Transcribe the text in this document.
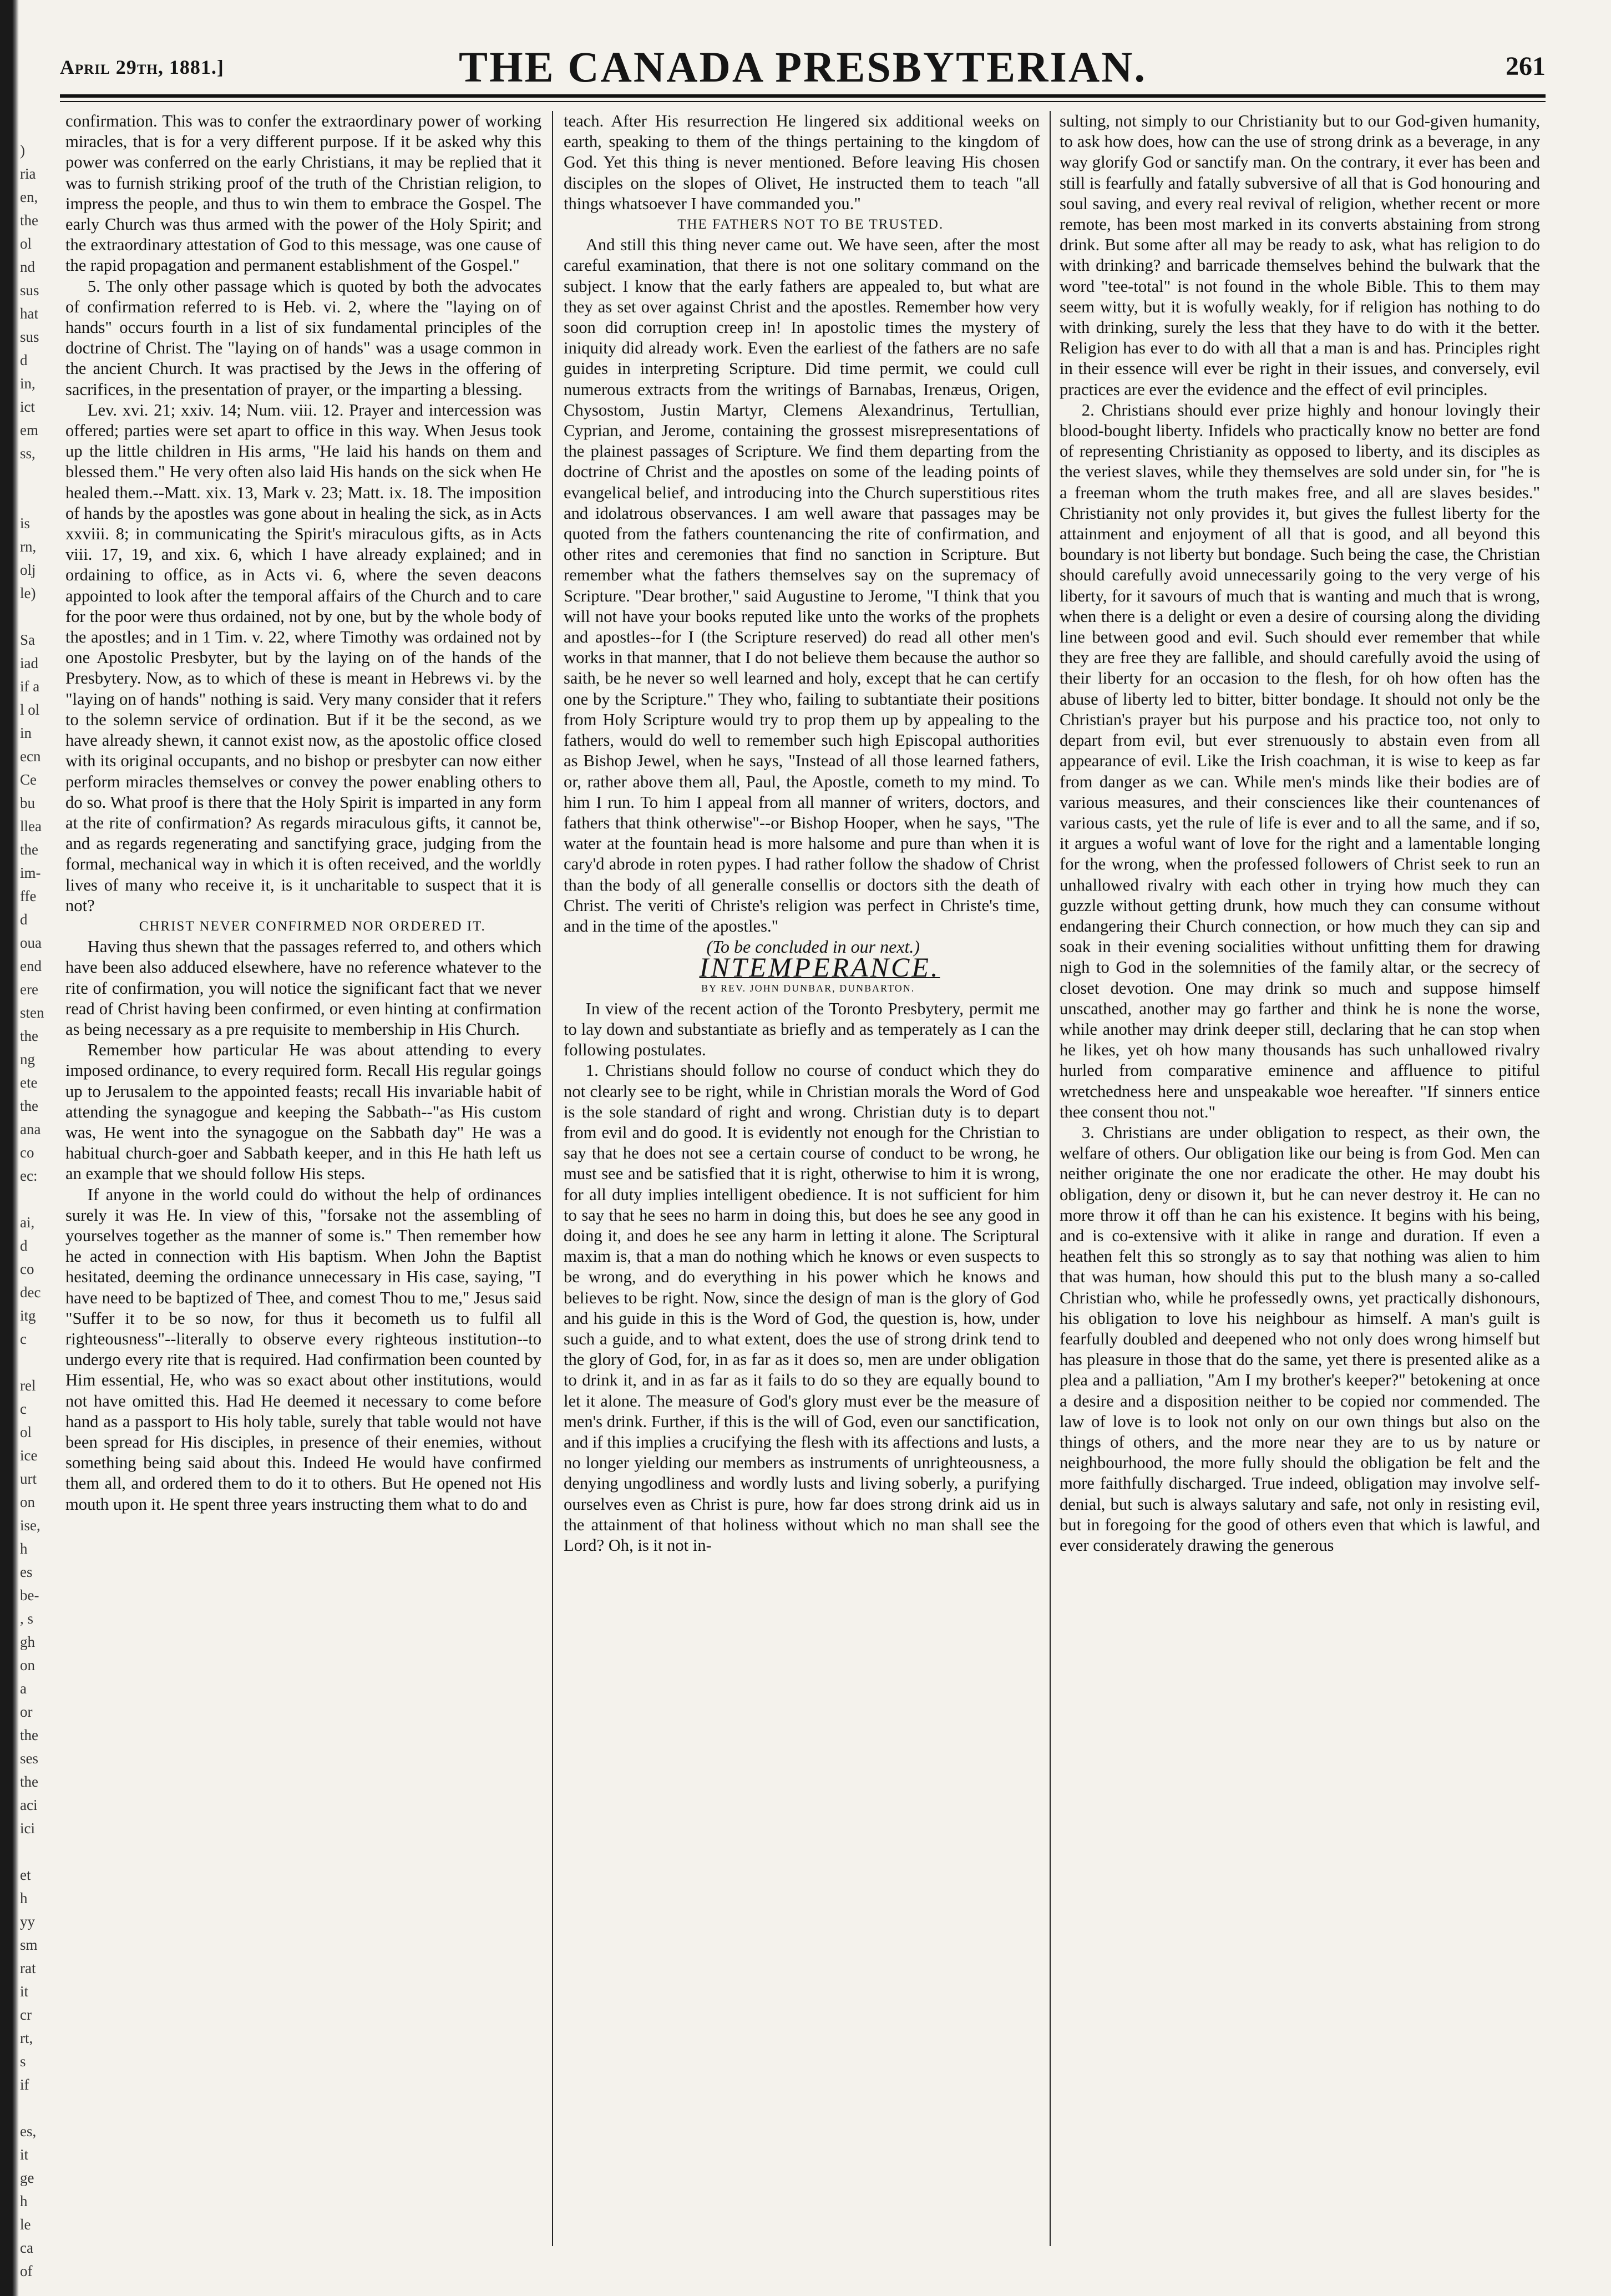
)
ria
en,
the
ol
nd
sus
hat
sus
d
in,
ict
em
ss,
is
rn,
olj
le)
Sa
iad
if a
l ol
in
ecn
Ce
bu
llea
the
im-
ffe
d
oua
end
ere
sten
the
ng
ete
the
ana
co
ec:
ai,
d
co
dec
itg
c
rel
c
ol
ice
urt
on
ise,
h
es
be-
, s
gh
on
a
or
the
ses
the
aci
ici
et
h
yy
sm
rat
it
cr
rt,
s
if
es,
it
ge
h
le
ca
of
April 29th, 1881.]	THE CANADA PRESBYTERIAN.	261

confirmation. This was to confer the extraordinary power of working miracles, that is for a very different purpose. If it be asked why this power was conferred on the early Christians, it may be replied that it was to furnish striking proof of the truth of the Christian religion, to impress the people, and thus to win them to embrace the Gospel. The early Church was thus armed with the power of the Holy Spirit; and the extraordinary attestation of God to this message, was one cause of the rapid propagation and permanent establishment of the Gospel."

5. The only other passage which is quoted by both the advocates of confirmation referred to is Heb. vi. 2, where the "laying on of hands" occurs fourth in a list of six fundamental principles of the doctrine of Christ. The "laying on of hands" was a usage common in the ancient Church. It was practised by the Jews in the offering of sacrifices, in the presentation of prayer, or the imparting a blessing.

Lev. xvi. 21; xxiv. 14; Num. viii. 12. Prayer and intercession was offered; parties were set apart to office in this way. When Jesus took up the little children in His arms, "He laid his hands on them and blessed them." He very often also laid His hands on the sick when He healed them.--Matt. xix. 13, Mark v. 23; Matt. ix. 18. The imposition of hands by the apostles was gone about in healing the sick, as in Acts xxviii. 8; in communicating the Spirit's miraculous gifts, as in Acts viii. 17, 19, and xix. 6, which I have already explained; and in ordaining to office, as in Acts vi. 6, where the seven deacons appointed to look after the temporal affairs of the Church and to care for the poor were thus ordained, not by one, but by the whole body of the apostles; and in 1 Tim. v. 22, where Timothy was ordained not by one Apostolic Presbyter, but by the laying on of the hands of the Presbytery. Now, as to which of these is meant in Hebrews vi. by the "laying on of hands" nothing is said. Very many consider that it refers to the solemn service of ordination. But if it be the second, as we have already shewn, it cannot exist now, as the apostolic office closed with its original occupants, and no bishop or presbyter can now either perform miracles themselves or convey the power enabling others to do so. What proof is there that the Holy Spirit is imparted in any form at the rite of confirmation? As regards miraculous gifts, it cannot be, and as regards regenerating and sanctifying grace, judging from the formal, mechanical way in which it is often received, and the worldly lives of many who receive it, is it uncharitable to suspect that it is not?

CHRIST NEVER CONFIRMED NOR ORDERED IT.

Having thus shewn that the passages referred to, and others which have been also adduced elsewhere, have no reference whatever to the rite of confirmation, you will notice the significant fact that we never read of Christ having been confirmed, or even hinting at confirmation as being necessary as a pre requisite to membership in His Church.

Remember how particular He was about attending to every imposed ordinance, to every required form. Recall His regular goings up to Jerusalem to the appointed feasts; recall His invariable habit of attending the synagogue and keeping the Sabbath--"as His custom was, He went into the synagogue on the Sabbath day" He was a habitual church-goer and Sabbath keeper, and in this He hath left us an example that we should follow His steps.

If anyone in the world could do without the help of ordinances surely it was He. In view of this, "forsake not the assembling of yourselves together as the manner of some is." Then remember how he acted in connection with His baptism. When John the Baptist hesitated, deeming the ordinance unnecessary in His case, saying, "I have need to be baptized of Thee, and comest Thou to me," Jesus said "Suffer it to be so now, for thus it becometh us to fulfil all righteousness"--literally to observe every righteous institution--to undergo every rite that is required. Had confirmation been counted by Him essential, He, who was so exact about other institutions, would not have omitted this. Had He deemed it necessary to come before hand as a passport to His holy table, surely that table would not have been spread for His disciples, in presence of their enemies, without something being said about this. Indeed He would have confirmed them all, and ordered them to do it to others. But He opened not His mouth upon it. He spent three years instructing them what to do and

teach. After His resurrection He lingered six additional weeks on earth, speaking to them of the things pertaining to the kingdom of God. Yet this thing is never mentioned. Before leaving His chosen disciples on the slopes of Olivet, He instructed them to teach "all things whatsoever I have commanded you."

THE FATHERS NOT TO BE TRUSTED.

And still this thing never came out. We have seen, after the most careful examination, that there is not one solitary command on the subject. I know that the early fathers are appealed to, but what are they as set over against Christ and the apostles. Remember how very soon did corruption creep in! In apostolic times the mystery of iniquity did already work. Even the earliest of the fathers are no safe guides in interpreting Scripture. Did time permit, we could cull numerous extracts from the writings of Barnabas, Irenæus, Origen, Chysostom, Justin Martyr, Clemens Alexandrinus, Tertullian, Cyprian, and Jerome, containing the grossest misrepresentations of the plainest passages of Scripture. We find them departing from the doctrine of Christ and the apostles on some of the leading points of evangelical belief, and introducing into the Church superstitious rites and idolatrous observances. I am well aware that passages may be quoted from the fathers countenancing the rite of confirmation, and other rites and ceremonies that find no sanction in Scripture. But remember what the fathers themselves say on the supremacy of Scripture. "Dear brother," said Augustine to Jerome, "I think that you will not have your books reputed like unto the works of the prophets and apostles--for I (the Scripture reserved) do read all other men's works in that manner, that I do not believe them because the author so saith, be he never so well learned and holy, except that he can certify one by the Scripture." They who, failing to subtantiate their positions from Holy Scripture would try to prop them up by appealing to the fathers, would do well to remember such high Episcopal authorities as Bishop Jewel, when he says, "Instead of all those learned fathers, or, rather above them all, Paul, the Apostle, cometh to my mind. To him I run. To him I appeal from all manner of writers, doctors, and fathers that think otherwise"--or Bishop Hooper, when he says, "The water at the fountain head is more halsome and pure than when it is cary'd abrode in roten pypes. I had rather follow the shadow of Christ than the body of all generalle consellis or doctors sith the death of Christ. The veriti of Christe's religion was perfect in Christe's time, and in the time of the apostles."

(To be concluded in our next.)

INTEMPERANCE.

BY REV. JOHN DUNBAR, DUNBARTON.

In view of the recent action of the Toronto Presbytery, permit me to lay down and substantiate as briefly and as temperately as I can the following postulates.

1. Christians should follow no course of conduct which they do not clearly see to be right, while in Christian morals the Word of God is the sole standard of right and wrong. Christian duty is to depart from evil and do good. It is evidently not enough for the Christian to say that he does not see a certain course of conduct to be wrong, he must see and be satisfied that it is right, otherwise to him it is wrong, for all duty implies intelligent obedience. It is not sufficient for him to say that he sees no harm in doing this, but does he see any good in doing it, and does he see any harm in letting it alone. The Scriptural maxim is, that a man do nothing which he knows or even suspects to be wrong, and do everything in his power which he knows and believes to be right. Now, since the design of man is the glory of God and his guide in this is the Word of God, the question is, how, under such a guide, and to what extent, does the use of strong drink tend to the glory of God, for, in as far as it does so, men are under obligation to drink it, and in as far as it fails to do so they are equally bound to let it alone. The measure of God's glory must ever be the measure of men's drink. Further, if this is the will of God, even our sanctification, and if this implies a crucifying the flesh with its affections and lusts, a no longer yielding our members as instruments of unrighteousness, a denying ungodliness and wordly lusts and living soberly, a purifying ourselves even as Christ is pure, how far does strong drink aid us in the attainment of that holiness without which no man shall see the Lord? Oh, is it not in-

sulting, not simply to our Christianity but to our God-given humanity, to ask how does, how can the use of strong drink as a beverage, in any way glorify God or sanctify man. On the contrary, it ever has been and still is fearfully and fatally subversive of all that is God honouring and soul saving, and every real revival of religion, whether recent or more remote, has been most marked in its converts abstaining from strong drink. But some after all may be ready to ask, what has religion to do with drinking? and barricade themselves behind the bulwark that the word "tee-total" is not found in the whole Bible. This to them may seem witty, but it is wofully weakly, for if religion has nothing to do with drinking, surely the less that they have to do with it the better. Religion has ever to do with all that a man is and has. Principles right in their essence will ever be right in their issues, and conversely, evil practices are ever the evidence and the effect of evil principles.

2. Christians should ever prize highly and honour lovingly their blood-bought liberty. Infidels who practically know no better are fond of representing Christianity as opposed to liberty, and its disciples as the veriest slaves, while they themselves are sold under sin, for "he is a freeman whom the truth makes free, and all are slaves besides." Christianity not only provides it, but gives the fullest liberty for the attainment and enjoyment of all that is good, and all beyond this boundary is not liberty but bondage. Such being the case, the Christian should carefully avoid unnecessarily going to the very verge of his liberty, for it savours of much that is wanting and much that is wrong, when there is a delight or even a desire of coursing along the dividing line between good and evil. Such should ever remember that while they are free they are fallible, and should carefully avoid the using of their liberty for an occasion to the flesh, for oh how often has the abuse of liberty led to bitter, bitter bondage. It should not only be the Christian's prayer but his purpose and his practice too, not only to depart from evil, but ever strenuously to abstain even from all appearance of evil. Like the Irish coachman, it is wise to keep as far from danger as we can. While men's minds like their bodies are of various measures, and their consciences like their countenances of various casts, yet the rule of life is ever and to all the same, and if so, it argues a woful want of love for the right and a lamentable longing for the wrong, when the professed followers of Christ seek to run an unhallowed rivalry with each other in trying how much they can guzzle without getting drunk, how much they can consume without endangering their Church connection, or how much they can sip and soak in their evening socialities without unfitting them for drawing nigh to God in the solemnities of the family altar, or the secrecy of closet devotion. One may drink so much and suppose himself unscathed, another may go farther and think he is none the worse, while another may drink deeper still, declaring that he can stop when he likes, yet oh how many thousands has such unhallowed rivalry hurled from comparative eminence and affluence to pitiful wretchedness here and unspeakable woe hereafter. "If sinners entice thee consent thou not."

3. Christians are under obligation to respect, as their own, the welfare of others. Our obligation like our being is from God. Men can neither originate the one nor eradicate the other. He may doubt his obligation, deny or disown it, but he can never destroy it. He can no more throw it off than he can his existence. It begins with his being, and is co-extensive with it alike in range and duration. If even a heathen felt this so strongly as to say that nothing was alien to him that was human, how should this put to the blush many a so-called Christian who, while he professedly owns, yet practically dishonours, his obligation to love his neighbour as himself. A man's guilt is fearfully doubled and deepened who not only does wrong himself but has pleasure in those that do the same, yet there is presented alike as a plea and a palliation, "Am I my brother's keeper?" betokening at once a desire and a disposition neither to be copied nor commended. The law of love is to look not only on our own things but also on the things of others, and the more near they are to us by nature or neighbourhood, the more fully should the obligation be felt and the more faithfully discharged. True indeed, obligation may involve self-denial, but such is always salutary and safe, not only in resisting evil, but in foregoing for the good of others even that which is lawful, and ever considerately drawing the generous
